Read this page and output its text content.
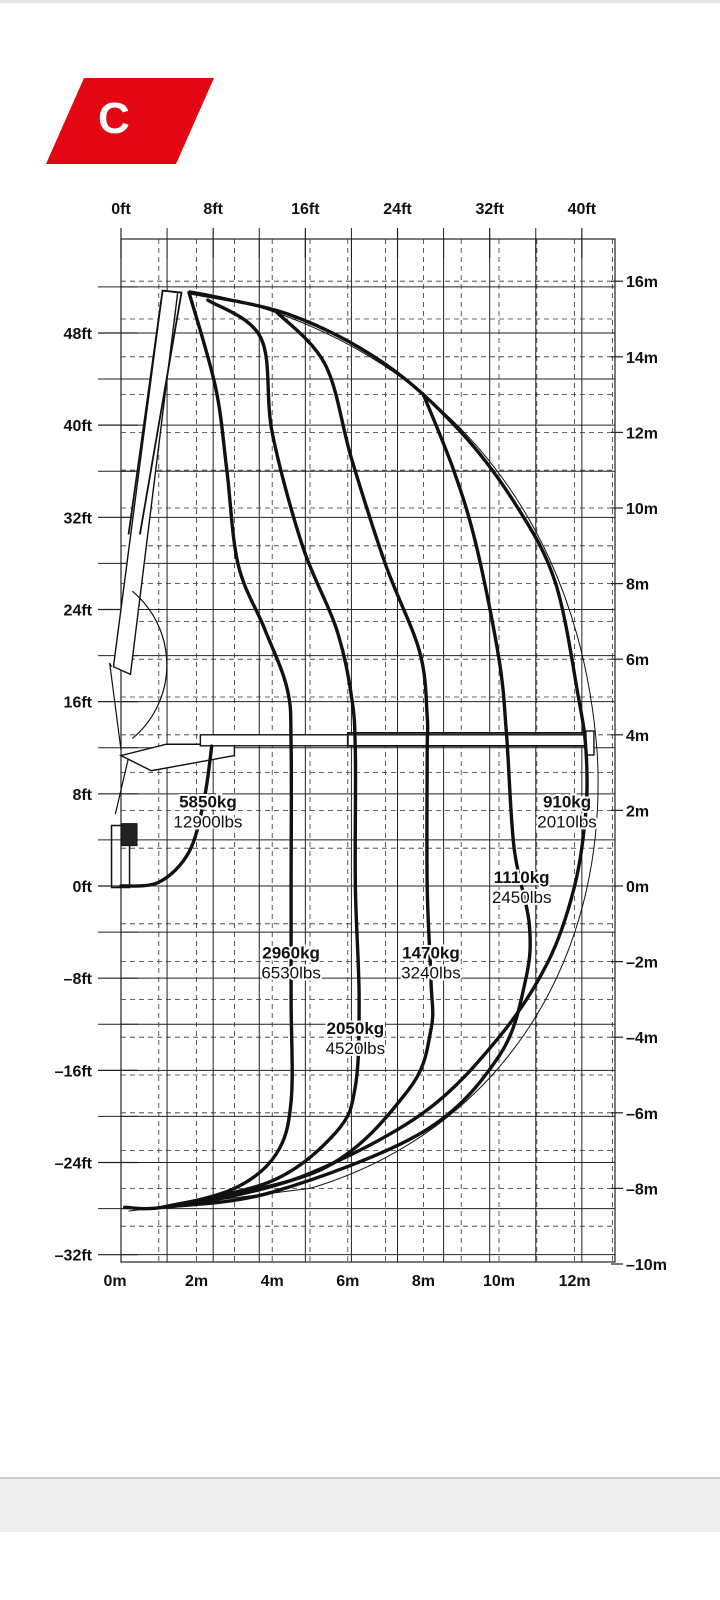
C
48ft
40ft
32ft
24ft
16ft
8ft
0ft
–8ft
–16ft
–24ft
–32ft
0ft	8ft	16ft	24ft	32ft	40ft
16m
14m
12m
10m
8m
6m
4m
2m
0m
–2m
–4m
–6m
–8m
–10m
0m	2m	4m	6m	8m	10m	12m
5850kg
12900lbs
2960kg
6530lbs
2050kg
4520lbs
1470kg
3240lbs
1110kg
2450lbs
910kg
2010lbs
